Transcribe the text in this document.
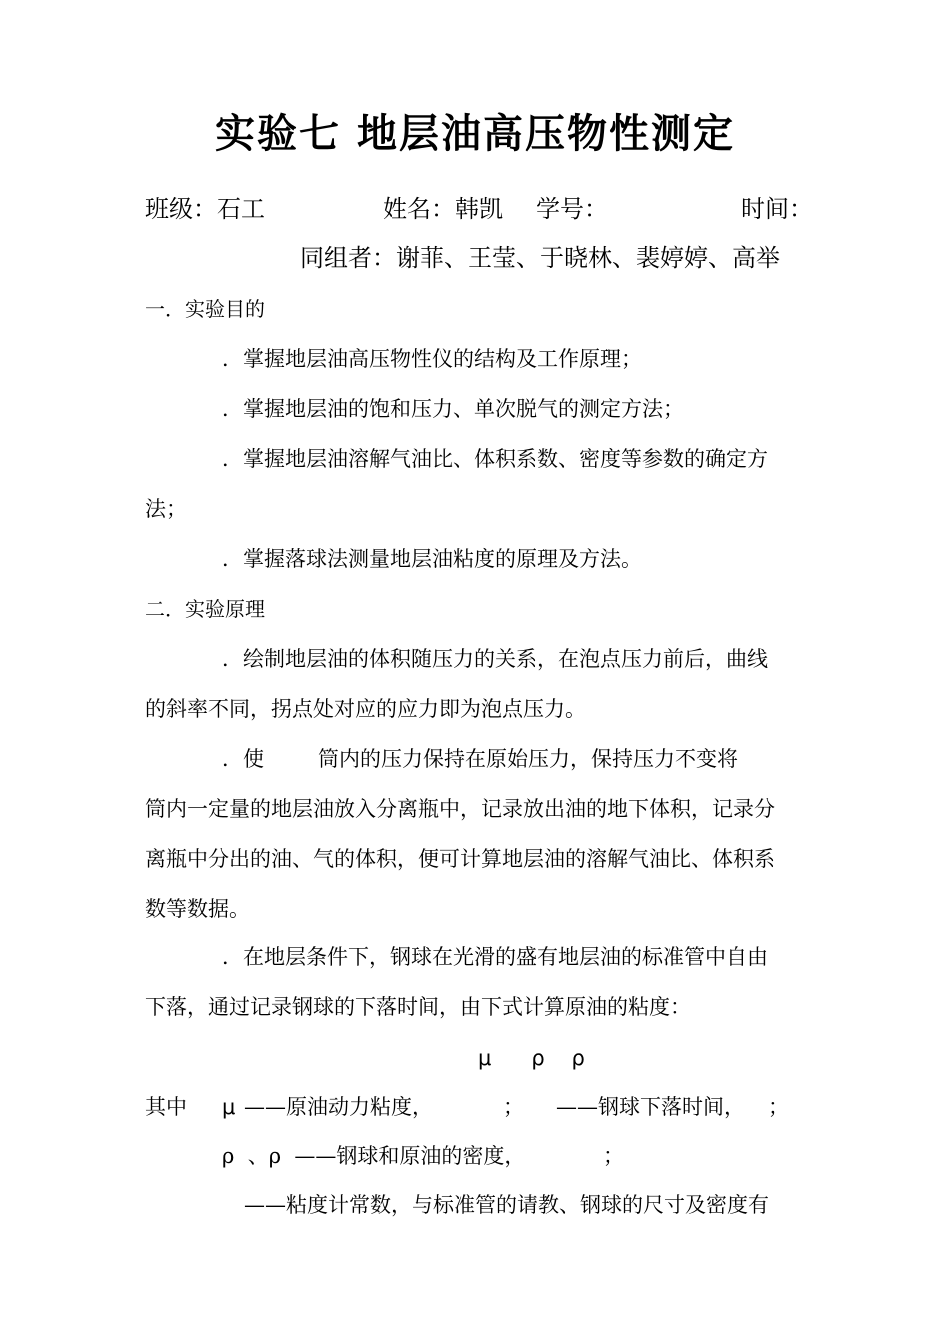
实验七 地层油高压物性测定
班级：石工	姓名：韩凯 学号：	时间：
同组者：谢菲、王莹、于晓林、裴婷婷、高举
一．实验目的
．掌握地层油高压物性仪的结构及工作原理；
．掌握地层油的饱和压力、单次脱气的测定方法；
．掌握地层油溶解气油比、体积系数、密度等参数的确定方
法；
．掌握落球法测量地层油粘度的原理及方法。
二．实验原理
．绘制地层油的体积随压力的关系，在泡点压力前后，曲线
的斜率不同，拐点处对应的应力即为泡点压力。
．使	筒内的压力保持在原始压力，保持压力不变将
筒内一定量的地层油放入分离瓶中，记录放出油的地下体积，记录分
离瓶中分出的油、气的体积，便可计算地层油的溶解气油比、体积系
数等数据。
．在地层条件下，钢球在光滑的盛有地层油的标准管中自由
下落，通过记录钢球的下落时间，由下式计算原油的粘度：
μ      ρ    ρ
其中 μ ——原油动力粘度，	； ——钢球下落时间， ；
ρ  、ρ  ——钢球和原油的密度，	；
——粘度计常数，与标准管的请教、钢球的尺寸及密度有
